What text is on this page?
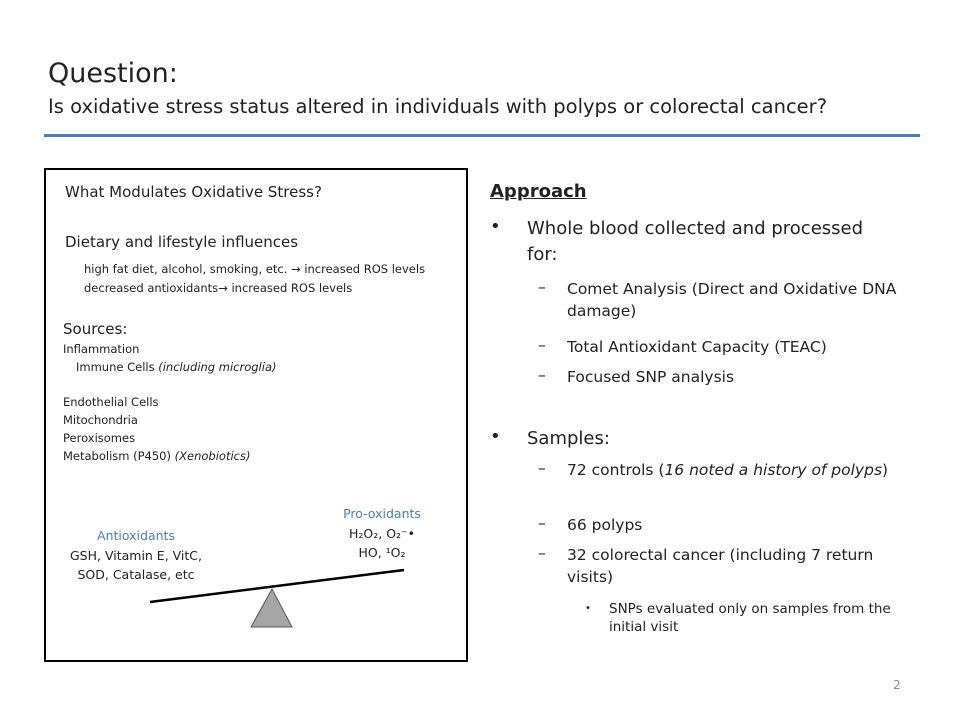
Question:
Is oxidative stress status altered in individuals with polyps or colorectal cancer?
What Modulates Oxidative Stress?
Dietary and lifestyle influences
high fat diet, alcohol, smoking, etc. → increased ROS levels
decreased antioxidants→ increased ROS levels
Sources:
Inflammation
Immune Cells (including microglia)
Endothelial Cells
Mitochondria
Peroxisomes
Metabolism (P450) (Xenobiotics)
Pro-oxidants
H₂O₂, O₂⁻•
HO, ¹O₂
Antioxidants
GSH, Vitamin E, VitC,
SOD, Catalase, etc
Approach
• Whole blood collected and processed for:
– Comet Analysis (Direct and Oxidative DNA damage)
– Total Antioxidant Capacity (TEAC)
– Focused SNP analysis
• Samples:
– 72 controls (16 noted a history of polyps)
– 66 polyps
– 32 colorectal cancer (including 7 return visits)
• SNPs evaluated only on samples from the initial visit
2
